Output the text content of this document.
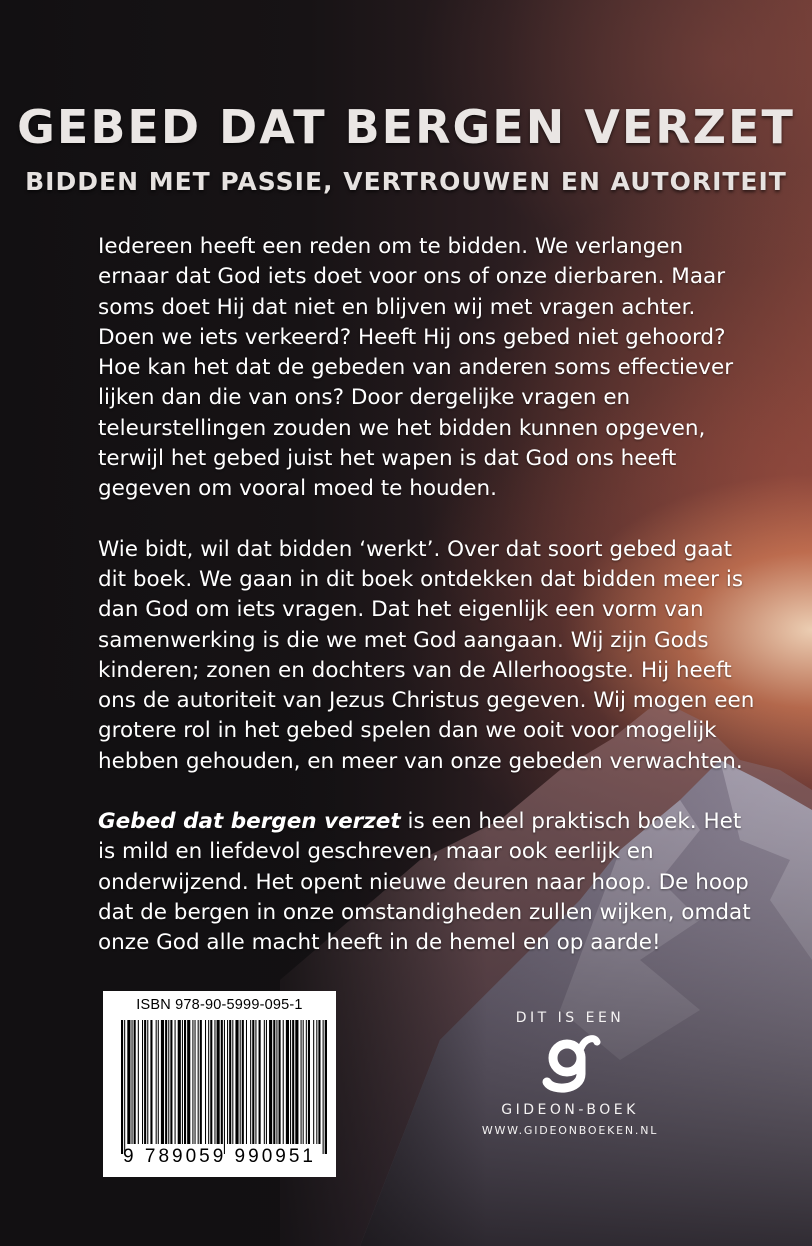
GEBED DAT BERGEN VERZET
BIDDEN MET PASSIE, VERTROUWEN EN AUTORITEIT

Iedereen heeft een reden om te bidden. We verlangen ernaar dat God iets doet voor ons of onze dierbaren. Maar soms doet Hij dat niet en blijven wij met vragen achter. Doen we iets verkeerd? Heeft Hij ons gebed niet gehoord? Hoe kan het dat de gebeden van anderen soms effectiever lijken dan die van ons? Door dergelijke vragen en teleurstellingen zouden we het bidden kunnen opgeven, terwijl het gebed juist het wapen is dat God ons heeft gegeven om vooral moed te houden.

Wie bidt, wil dat bidden ‘werkt’. Over dat soort gebed gaat dit boek. We gaan in dit boek ontdekken dat bidden meer is dan God om iets vragen. Dat het eigenlijk een vorm van samenwerking is die we met God aangaan. Wij zijn Gods kinderen; zonen en dochters van de Allerhoogste. Hij heeft ons de autoriteit van Jezus Christus gegeven. Wij mogen een grotere rol in het gebed spelen dan we ooit voor mogelijk hebben gehouden, en meer van onze gebeden verwachten.

Gebed dat bergen verzet is een heel praktisch boek. Het is mild en liefdevol geschreven, maar ook eerlijk en onderwijzend. Het opent nieuwe deuren naar hoop. De hoop dat de bergen in onze omstandigheden zullen wijken, omdat onze God alle macht heeft in de hemel en op aarde!

ISBN 978-90-5999-095-1
9 789059 990951
DIT IS EEN
GIDEON-BOEK
WWW.GIDEONBOEKEN.NL
